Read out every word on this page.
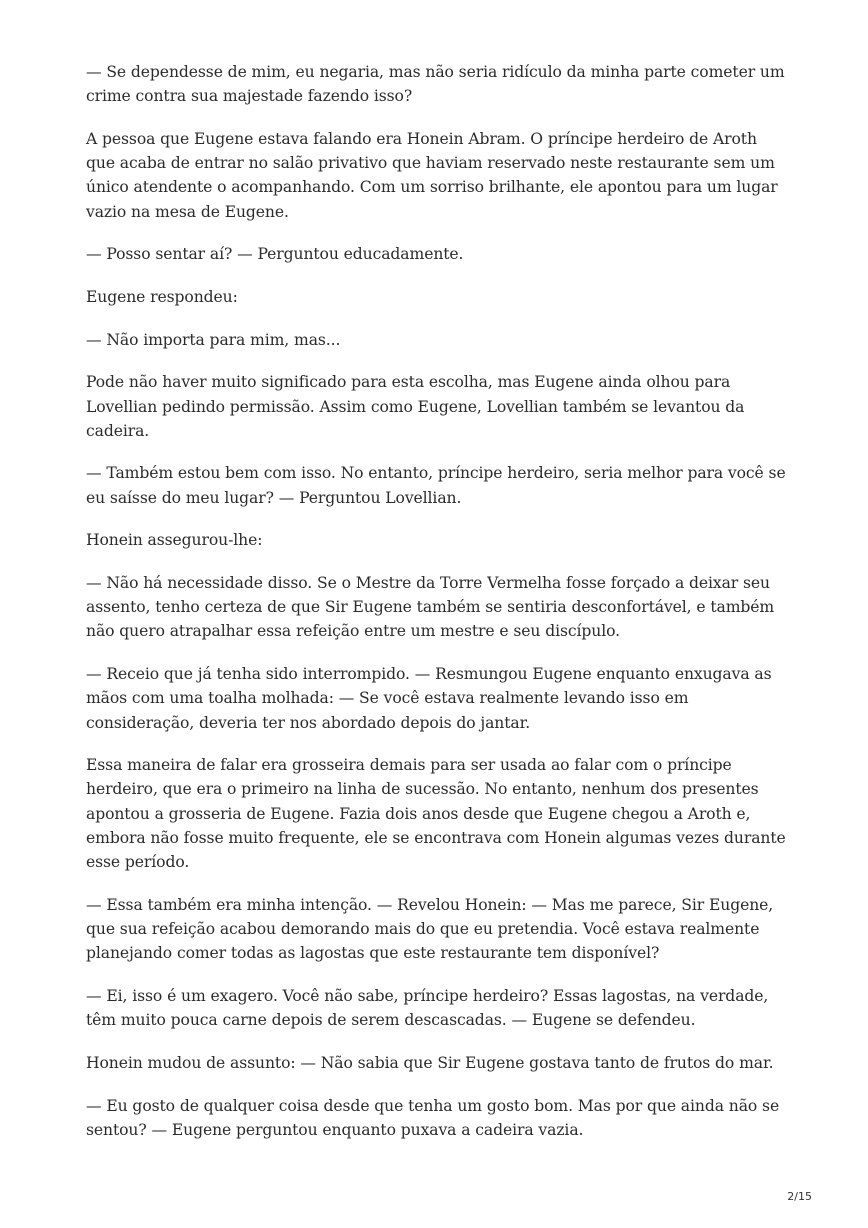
— Se dependesse de mim, eu negaria, mas não seria ridículo da minha parte cometer um crime contra sua majestade fazendo isso?

A pessoa que Eugene estava falando era Honein Abram. O príncipe herdeiro de Aroth que acaba de entrar no salão privativo que haviam reservado neste restaurante sem um único atendente o acompanhando. Com um sorriso brilhante, ele apontou para um lugar vazio na mesa de Eugene.

— Posso sentar aí? — Perguntou educadamente.

Eugene respondeu:

— Não importa para mim, mas...

Pode não haver muito significado para esta escolha, mas Eugene ainda olhou para Lovellian pedindo permissão. Assim como Eugene, Lovellian também se levantou da cadeira.

— Também estou bem com isso. No entanto, príncipe herdeiro, seria melhor para você se eu saísse do meu lugar? — Perguntou Lovellian.

Honein assegurou-lhe:

— Não há necessidade disso. Se o Mestre da Torre Vermelha fosse forçado a deixar seu assento, tenho certeza de que Sir Eugene também se sentiria desconfortável, e também não quero atrapalhar essa refeição entre um mestre e seu discípulo.

— Receio que já tenha sido interrompido. — Resmungou Eugene enquanto enxugava as mãos com uma toalha molhada: — Se você estava realmente levando isso em consideração, deveria ter nos abordado depois do jantar.

Essa maneira de falar era grosseira demais para ser usada ao falar com o príncipe herdeiro, que era o primeiro na linha de sucessão. No entanto, nenhum dos presentes apontou a grosseria de Eugene. Fazia dois anos desde que Eugene chegou a Aroth e, embora não fosse muito frequente, ele se encontrava com Honein algumas vezes durante esse período.

— Essa também era minha intenção. — Revelou Honein: — Mas me parece, Sir Eugene, que sua refeição acabou demorando mais do que eu pretendia. Você estava realmente planejando comer todas as lagostas que este restaurante tem disponível?

— Ei, isso é um exagero. Você não sabe, príncipe herdeiro? Essas lagostas, na verdade, têm muito pouca carne depois de serem descascadas. — Eugene se defendeu.

Honein mudou de assunto: — Não sabia que Sir Eugene gostava tanto de frutos do mar.

— Eu gosto de qualquer coisa desde que tenha um gosto bom. Mas por que ainda não se sentou? — Eugene perguntou enquanto puxava a cadeira vazia.

2/15
